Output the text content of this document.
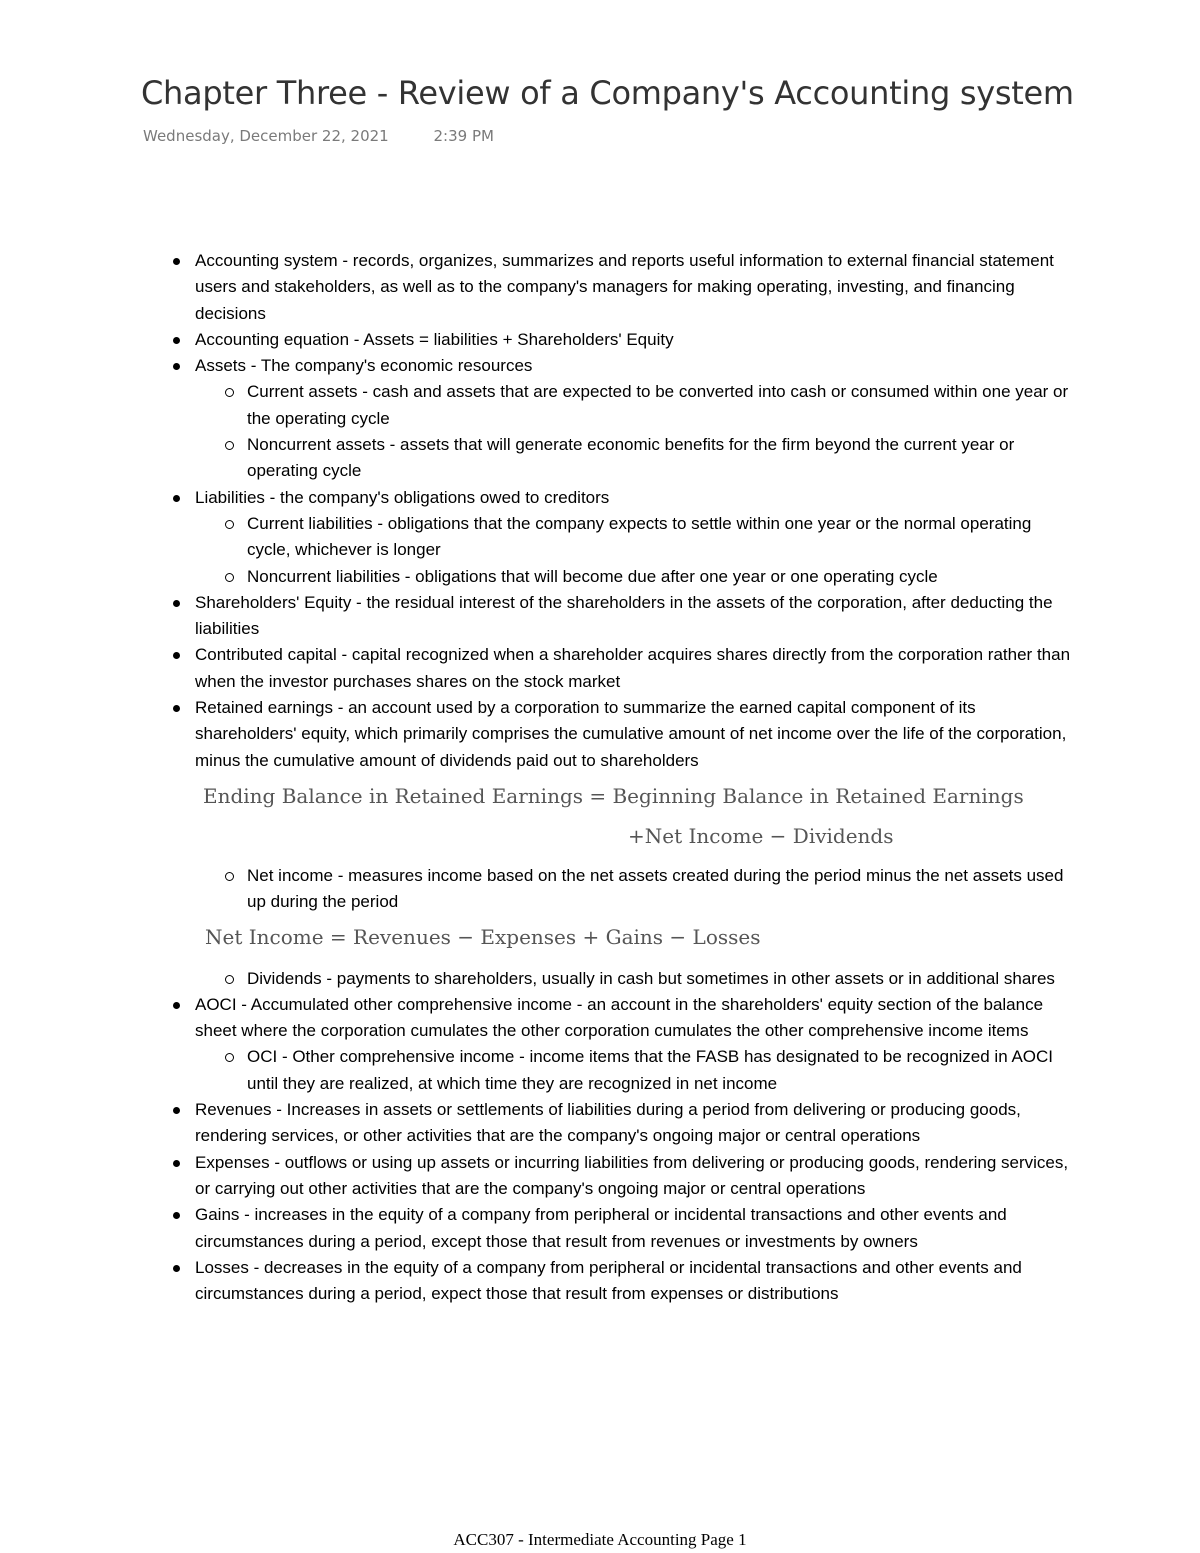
Chapter Three - Review of a Company's Accounting system
Wednesday, December 22, 2021	2:39 PM
Accounting system - records, organizes, summarizes and reports useful information to external financial statement users and stakeholders, as well as to the company's managers for making operating, investing, and financing decisions
Accounting equation - Assets = liabilities + Shareholders' Equity
Assets - The company's economic resources
Current assets - cash and assets that are expected to be converted into cash or consumed within one year or the operating cycle
Noncurrent assets - assets that will generate economic benefits for the firm beyond the current year or operating cycle
Liabilities - the company's obligations owed to creditors
Current liabilities - obligations that the company expects to settle within one year or the normal operating cycle, whichever is longer
Noncurrent liabilities - obligations that will become due after one year or one operating cycle
Shareholders' Equity - the residual interest of the shareholders in the assets of the corporation, after deducting the liabilities
Contributed capital - capital recognized when a shareholder acquires shares directly from the corporation rather than when the investor purchases shares on the stock market
Retained earnings - an account used by a corporation to summarize the earned capital component of its shareholders' equity, which primarily comprises the cumulative amount of net income over the life of the corporation, minus the cumulative amount of dividends paid out to shareholders
Ending Balance in Retained Earnings = Beginning Balance in Retained Earnings
+Net Income − Dividends
Net income - measures income based on the net assets created during the period minus the net assets used up during the period
Net Income = Revenues − Expenses + Gains − Losses
Dividends - payments to shareholders, usually in cash but sometimes in other assets or in additional shares
AOCI - Accumulated other comprehensive income - an account in the shareholders' equity section of the balance sheet where the corporation cumulates the other corporation cumulates the other comprehensive income items
OCI - Other comprehensive income - income items that the FASB has designated to be recognized in AOCI until they are realized, at which time they are recognized in net income
Revenues - Increases in assets or settlements of liabilities during a period from delivering or producing goods, rendering services, or other activities that are the company's ongoing major or central operations
Expenses - outflows or using up assets or incurring liabilities from delivering or producing goods, rendering services, or carrying out other activities that are the company's ongoing major or central operations
Gains - increases in the equity of a company from peripheral or incidental transactions and other events and circumstances during a period, except those that result from revenues or investments by owners
Losses - decreases in the equity of a company from peripheral or incidental transactions and other events and circumstances during a period, expect those that result from expenses or distributions
ACC307 - Intermediate Accounting Page 1
